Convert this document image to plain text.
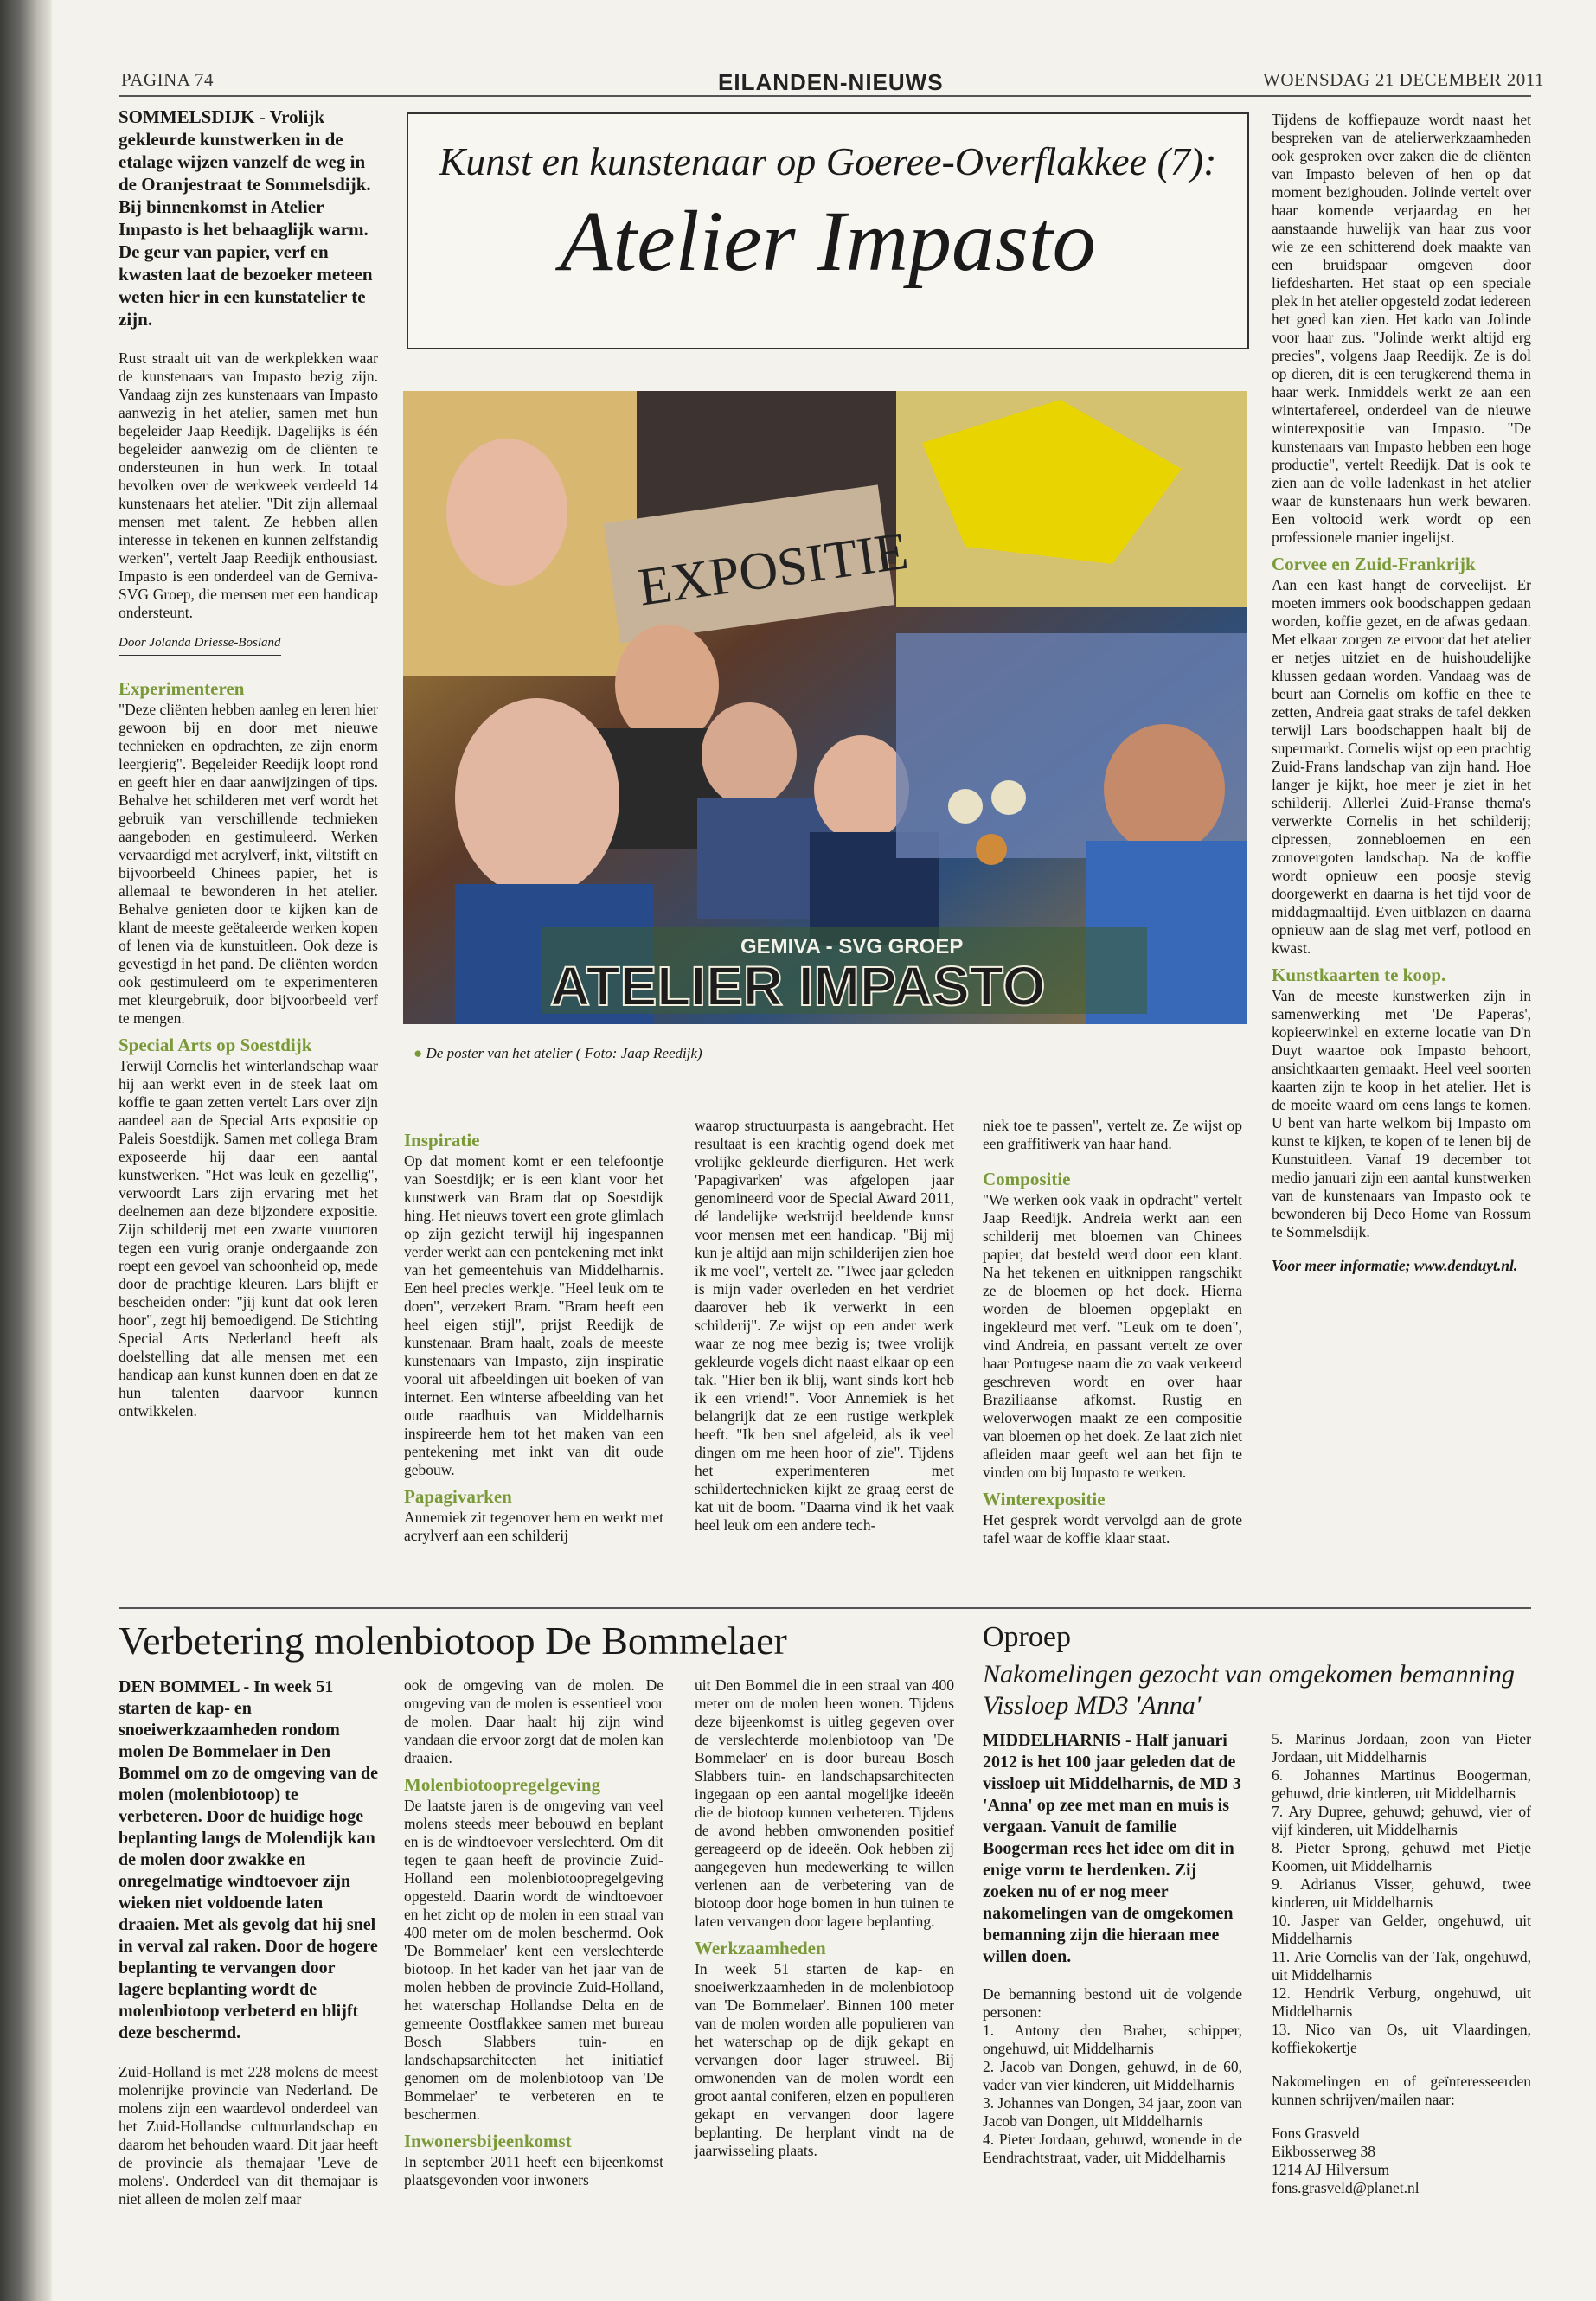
PAGINA 74	EILANDEN-NIEUWS	WOENSDAG 21 DECEMBER 2011

SOMMELSDIJK - Vrolijk gekleurde kunstwerken in de etalage wijzen vanzelf de weg in de Oranjestraat te Sommelsdijk. Bij binnenkomst in Atelier Impasto is het behaaglijk warm. De geur van papier, verf en kwasten laat de bezoeker meteen weten hier in een kunstatelier te zijn.

Rust straalt uit van de werkplekken waar de kunstenaars van Impasto bezig zijn. Vandaag zijn zes kunstenaars van Impasto aanwezig in het atelier, samen met hun begeleider Jaap Reedijk. Dagelijks is één begeleider aanwezig om de cliënten te ondersteunen in hun werk. In totaal bevolken over de werkweek verdeeld 14 kunstenaars het atelier. "Dit zijn allemaal mensen met talent. Ze hebben allen interesse in tekenen en kunnen zelfstandig werken", vertelt Jaap Reedijk enthousiast. Impasto is een onderdeel van de Gemiva-SVG Groep, die mensen met een handicap ondersteunt.

Door Jolanda Driesse-Bosland
Experimenteren

"Deze cliënten hebben aanleg en leren hier gewoon bij en door met nieuwe technieken en opdrachten, ze zijn enorm leergierig". Begeleider Reedijk loopt rond en geeft hier en daar aanwijzingen of tips. Behalve het schilderen met verf wordt het gebruik van verschillende technieken aangeboden en gestimuleerd. Werken vervaardigd met acrylverf, inkt, viltstift en bijvoorbeeld Chinees papier, het is allemaal te bewonderen in het atelier. Behalve genieten door te kijken kan de klant de meeste geëtaleerde werken kopen of lenen via de kunstuitleen. Ook deze is gevestigd in het pand. De cliënten worden ook gestimuleerd om te experimenteren met kleurgebruik, door bijvoorbeeld verf te mengen.

Special Arts op Soestdijk

Terwijl Cornelis het winterlandschap waar hij aan werkt even in de steek laat om koffie te gaan zetten vertelt Lars over zijn aandeel aan de Special Arts expositie op Paleis Soestdijk. Samen met collega Bram exposeerde hij daar een aantal kunstwerken. "Het was leuk en gezellig", verwoordt Lars zijn ervaring met het deelnemen aan deze bijzondere expositie. Zijn schilderij met een zwarte vuurtoren tegen een vurig oranje ondergaande zon roept een gevoel van schoonheid op, mede door de prachtige kleuren. Lars blijft er bescheiden onder: "jij kunt dat ook leren hoor", zegt hij bemoedigend. De Stichting Special Arts Nederland heeft als doelstelling dat alle mensen met een handicap aan kunst kunnen doen en dat ze hun talenten daarvoor kunnen ontwikkelen.

Kunst en kunstenaar op Goeree-Overflakkee (7):
Atelier Impasto
EXPOSITIE
GEMIVA - SVG GROEP
ATELIER IMPASTO
● De poster van het atelier ( Foto: Jaap Reedijk)
Inspiratie

Op dat moment komt er een telefoontje van Soestdijk; er is een klant voor het kunstwerk van Bram dat op Soestdijk hing. Het nieuws tovert een grote glimlach op zijn gezicht terwijl hij ingespannen verder werkt aan een pentekening met inkt van het gemeentehuis van Middelharnis. Een heel precies werkje. "Heel leuk om te doen", verzekert Bram. "Bram heeft een heel eigen stijl", prijst Reedijk de kunstenaar. Bram haalt, zoals de meeste kunstenaars van Impasto, zijn inspiratie vooral uit afbeeldingen uit boeken of van internet. Een winterse afbeelding van het oude raadhuis van Middelharnis inspireerde hem tot het maken van een pentekening met inkt van dit oude gebouw.

Papagivarken

Annemiek zit tegenover hem en werkt met acrylverf aan een schilderij

waarop structuurpasta is aangebracht. Het resultaat is een krachtig ogend doek met vrolijke gekleurde dierfiguren. Het werk 'Papagivarken' was afgelopen jaar genomineerd voor de Special Award 2011, dé landelijke wedstrijd beeldende kunst voor mensen met een handicap. "Bij mij kun je altijd aan mijn schilderijen zien hoe ik me voel", vertelt ze. "Twee jaar geleden is mijn vader overleden en het verdriet daarover heb ik verwerkt in een schilderij". Ze wijst op een ander werk waar ze nog mee bezig is; twee vrolijk gekleurde vogels dicht naast elkaar op een tak. "Hier ben ik blij, want sinds kort heb ik een vriend!". Voor Annemiek is het belangrijk dat ze een rustige werkplek heeft. "Ik ben snel afgeleid, als ik veel dingen om me heen hoor of zie". Tijdens het experimenteren met schildertechnieken kijkt ze graag eerst de kat uit de boom. "Daarna vind ik het vaak heel leuk om een andere tech-

niek toe te passen", vertelt ze. Ze wijst op een graffitiwerk van haar hand.

Compositie

"We werken ook vaak in opdracht" vertelt Jaap Reedijk. Andreia werkt aan een schilderij met bloemen van Chinees papier, dat besteld werd door een klant. Na het tekenen en uitknippen rangschikt ze de bloemen op het doek. Hierna worden de bloemen opgeplakt en ingekleurd met verf. "Leuk om te doen", vind Andreia, en passant vertelt ze over haar Portugese naam die zo vaak verkeerd geschreven wordt en over haar Braziliaanse afkomst. Rustig en weloverwogen maakt ze een compositie van bloemen op het doek. Ze laat zich niet afleiden maar geeft wel aan het fijn te vinden om bij Impasto te werken.

Winterexpositie

Het gesprek wordt vervolgd aan de grote tafel waar de koffie klaar staat.

Tijdens de koffiepauze wordt naast het bespreken van de atelierwerkzaamheden ook gesproken over zaken die de cliënten van Impasto beleven of hen op dat moment bezighouden. Jolinde vertelt over haar komende verjaardag en het aanstaande huwelijk van haar zus voor wie ze een schitterend doek maakte van een bruidspaar omgeven door liefdesharten. Het staat op een speciale plek in het atelier opgesteld zodat iedereen het goed kan zien. Het kado van Jolinde voor haar zus. "Jolinde werkt altijd erg precies", volgens Jaap Reedijk. Ze is dol op dieren, dit is een terugkerend thema in haar werk. Inmiddels werkt ze aan een wintertafereel, onderdeel van de nieuwe winterexpositie van Impasto. "De kunstenaars van Impasto hebben een hoge productie", vertelt Reedijk. Dat is ook te zien aan de volle ladenkast in het atelier waar de kunstenaars hun werk bewaren. Een voltooid werk wordt op een professionele manier ingelijst.

Corvee en Zuid-Frankrijk

Aan een kast hangt de corveelijst. Er moeten immers ook boodschappen gedaan worden, koffie gezet, en de afwas gedaan. Met elkaar zorgen ze ervoor dat het atelier er netjes uitziet en de huishoudelijke klussen gedaan worden. Vandaag was de beurt aan Cornelis om koffie en thee te zetten, Andreia gaat straks de tafel dekken terwijl Lars boodschappen haalt bij de supermarkt. Cornelis wijst op een prachtig Zuid-Frans landschap van zijn hand. Hoe langer je kijkt, hoe meer je ziet in het schilderij. Allerlei Zuid-Franse thema's verwerkte Cornelis in het schilderij; cipressen, zonnebloemen en een zonovergoten landschap. Na de koffie wordt opnieuw een poosje stevig doorgewerkt en daarna is het tijd voor de middagmaaltijd. Even uitblazen en daarna opnieuw aan de slag met verf, potlood en kwast.

Kunstkaarten te koop.

Van de meeste kunstwerken zijn in samenwerking met 'De Paperas', kopieerwinkel en externe locatie van D'n Duyt waartoe ook Impasto behoort, ansichtkaarten gemaakt. Heel veel soorten kaarten zijn te koop in het atelier. Het is de moeite waard om eens langs te komen. U bent van harte welkom bij Impasto om kunst te kijken, te kopen of te lenen bij de Kunstuitleen. Vanaf 19 december tot medio januari zijn een aantal kunstwerken van de kunstenaars van Impasto ook te bewonderen bij Deco Home van Rossum te Sommelsdijk.

Voor meer informatie; www.denduyt.nl.

Verbetering molenbiotoop De Bommelaer

DEN BOMMEL - In week 51 starten de kap- en snoeiwerkzaamheden rondom molen De Bommelaer in Den Bommel om zo de omgeving van de molen (molenbiotoop) te verbeteren. Door de huidige hoge beplanting langs de Molendijk kan de molen door zwakke en onregelmatige windtoevoer zijn wieken niet voldoende laten draaien. Met als gevolg dat hij snel in verval zal raken. Door de hogere beplanting te vervangen door lagere beplanting wordt de molenbiotoop verbeterd en blijft deze beschermd.

Zuid-Holland is met 228 molens de meest molenrijke provincie van Nederland. De molens zijn een waardevol onderdeel van het Zuid-Hollandse cultuurlandschap en daarom het behouden waard. Dit jaar heeft de provincie als themajaar 'Leve de molens'. Onderdeel van dit themajaar is niet alleen de molen zelf maar

ook de omgeving van de molen. De omgeving van de molen is essentieel voor de molen. Daar haalt hij zijn wind vandaan die ervoor zorgt dat de molen kan draaien.

Molenbiotoopregelgeving

De laatste jaren is de omgeving van veel molens steeds meer bebouwd en beplant en is de windtoevoer verslechterd. Om dit tegen te gaan heeft de provincie Zuid-Holland een molenbiotoopregelgeving opgesteld. Daarin wordt de windtoevoer en het zicht op de molen in een straal van 400 meter om de molen beschermd. Ook 'De Bommelaer' kent een verslechterde biotoop. In het kader van het jaar van de molen hebben de provincie Zuid-Holland, het waterschap Hollandse Delta en de gemeente Oostflakkee samen met bureau Bosch Slabbers tuin- en landschapsarchitecten het initiatief genomen om de molenbiotoop van 'De Bommelaer' te verbeteren en te beschermen.

Inwonersbijeenkomst

In september 2011 heeft een bijeenkomst plaatsgevonden voor inwoners

uit Den Bommel die in een straal van 400 meter om de molen heen wonen. Tijdens deze bijeenkomst is uitleg gegeven over de verslechterde molenbiotoop van 'De Bommelaer' en is door bureau Bosch Slabbers tuin- en landschapsarchitecten ingegaan op een aantal mogelijke ideeën die de biotoop kunnen verbeteren. Tijdens de avond hebben omwonenden positief gereageerd op de ideeën. Ook hebben zij aangegeven hun medewerking te willen verlenen aan de verbetering van de biotoop door hoge bomen in hun tuinen te laten vervangen door lagere beplanting.

Werkzaamheden

In week 51 starten de kap- en snoeiwerkzaamheden in de molenbiotoop van 'De Bommelaer'. Binnen 100 meter van de molen worden alle populieren van het waterschap op de dijk gekapt en vervangen door lager struweel. Bij omwonenden van de molen wordt een groot aantal coniferen, elzen en populieren gekapt en vervangen door lagere beplanting. De herplant vindt na de jaarwisseling plaats.

Oproep
Nakomelingen gezocht van omgekomen bemanning Vissloep MD3 'Anna'

MIDDELHARNIS - Half januari 2012 is het 100 jaar geleden dat de vissloep uit Middelharnis, de MD 3 'Anna' op zee met man en muis is vergaan. Vanuit de familie Boogerman rees het idee om dit in enige vorm te herdenken. Zij zoeken nu of er nog meer nakomelingen van de omgekomen bemanning zijn die hieraan mee willen doen.

De bemanning bestond uit de volgende personen:

1. Antony den Braber, schipper, ongehuwd, uit Middelharnis

2. Jacob van Dongen, gehuwd, in de 60, vader van vier kinderen, uit Middelharnis

3. Johannes van Dongen, 34 jaar, zoon van Jacob van Dongen, uit Middelharnis

4. Pieter Jordaan, gehuwd, wonende in de Eendrachtstraat, vader, uit Middelharnis

5. Marinus Jordaan, zoon van Pieter Jordaan, uit Middelharnis

6. Johannes Martinus Boogerman, gehuwd, drie kinderen, uit Middelharnis

7. Ary Dupree, gehuwd; gehuwd, vier of vijf kinderen, uit Middelharnis

8. Pieter Sprong, gehuwd met Pietje Koomen, uit Middelharnis

9. Adrianus Visser, gehuwd, twee kinderen, uit Middelharnis

10. Jasper van Gelder, ongehuwd, uit Middelharnis

11. Arie Cornelis van der Tak, ongehuwd, uit Middelharnis

12. Hendrik Verburg, ongehuwd, uit Middelharnis

13. Nico van Os, uit Vlaardingen, koffiekokertje

Nakomelingen en of geïnteresseerden kunnen schrijven/mailen naar:

Fons Grasveld

Eikbosserweg 38

1214 AJ Hilversum

fons.grasveld@planet.nl
